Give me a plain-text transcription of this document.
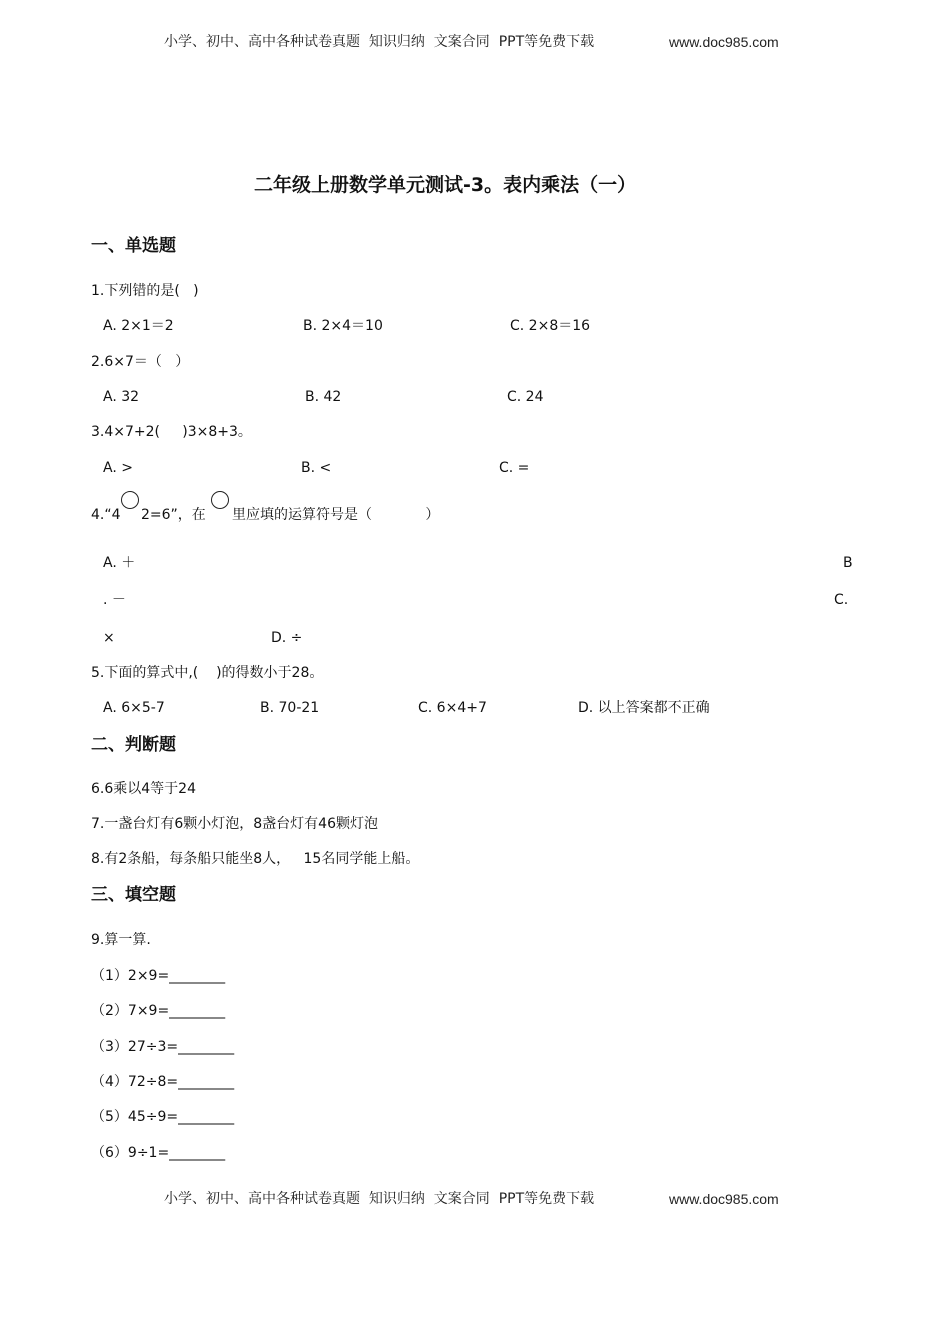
小学、初中、高中各种试卷真题  知识归纳  文案合同  PPT等免费下载	www.doc985.com
二年级上册数学单元测试-3。表内乘法（一）
一、单选题
1.下列错的是(   )
A. 2×1＝2	B. 2×4＝10	C. 2×8＝16
2.6×7＝（   ）
A. 32	B. 42	C. 24
3.4×7+2(     )3×8+3。
A. >	B. <	C. =
4.“4 2=6”，在 里应填的运算符号是（            ）
A. ＋	B
. －	C.
×	D. ÷
5.下面的算式中,(    )的得数小于28。
A. 6×5-7	B. 70-21	C. 6×4+7	D. 以上答案都不正确
二、判断题
6.6乘以4等于24
7.一盏台灯有6颗小灯泡，8盏台灯有46颗灯泡
8.有2条船，每条船只能坐8人，   15名同学能上船。
三、填空题
9.算一算.
（1）2×9=________
（2）7×9=________
（3）27÷3=________
（4）72÷8=________
（5）45÷9=________
（6）9÷1=________
小学、初中、高中各种试卷真题  知识归纳  文案合同  PPT等免费下载	www.doc985.com
